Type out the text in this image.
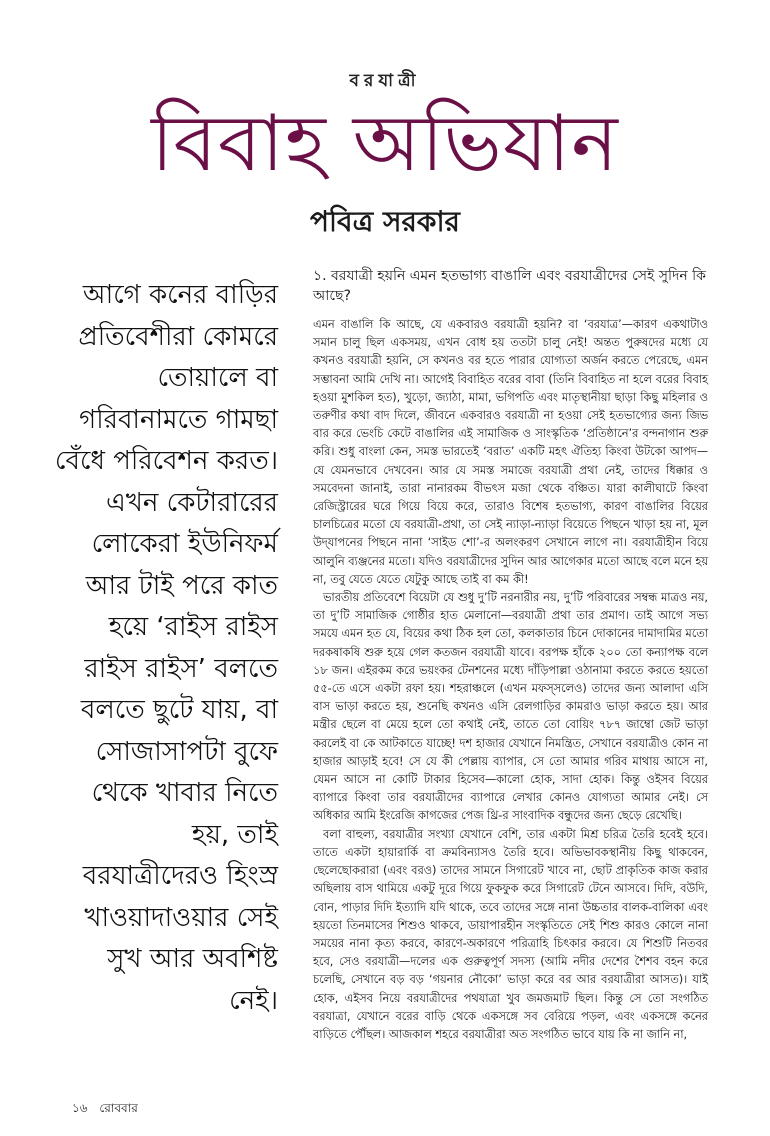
বরযাত্রী
বিবাহ অভিযান
পবিত্র সরকার
আগে কনের বাড়ির প্রতিবেশীরা কোমরে তোয়ালে বা গরিবানামতে গামছা বেঁধে পরিবেশন করত। এখন কেটারারের লোকেরা ইউনিফর্ম আর টাই পরে কাত হয়ে ‘রাইস রাইস রাইস রাইস’ বলতে বলতে ছুটে যায়, বা সোজাসাপটা বুফে থেকে খাবার নিতে হয়, তাই বরযাত্রীদেরও হিংস্র খাওয়াদাওয়ার সেই সুখ আর অবশিষ্ট নেই।
১. বরযাত্রী হয়নি এমন হতভাগ্য বাঙালি এবং বরযাত্রীদের সেই সুদিন কি আছে?

এমন বাঙালি কি আছে, যে একবারও বরযাত্রী হয়নি? বা ‘বরযাত্র’—কারণ একথাটাও সমান চালু ছিল একসময়, এখন বোধ হয় ততটা চালু নেই! অন্তত পুরুষদের মধ্যে যে কখনও বরযাত্রী হয়নি, সে কখনও বর হতে পারার যোগ্যতা অর্জন করতে পেরেছে, এমন সম্ভাবনা আমি দেখি না। আগেই বিবাহিত বরের বাবা (তিনি বিবাহিত না হলে বরের বিবাহ হওয়া মুশকিল হত), খুড়ো, জ্যাঠা, মামা, ভগিপতি এবং মাতৃস্থানীয়া ছাড়া কিছু মহিলার ও তরুণীর কথা বাদ দিলে, জীবনে একবারও বরযাত্রী না হওয়া সেই হতভাগ্যের জন্য জিভ বার করে ভেংচি কেটে বাঙালির এই সামাজিক ও সাংস্কৃতিক ‘প্রতিষ্ঠানে’র বন্দনাগান শুরু করি। শুধু বাংলা কেন, সমস্ত ভারতেই ‘বরাত’ একটি মহৎ ঐতিহ্য কিংবা উটকো আপদ—যে যেমনভাবে দেখবেন। আর যে সমস্ত সমাজে বরযাত্রী প্রথা নেই, তাদের ধিক্কার ও সমবেদনা জানাই, তারা নানারকম বীভৎস মজা থেকে বঞ্চিত। যারা কালীঘাটে কিংবা রেজিস্ট্রারের ঘরে গিয়ে বিয়ে করে, তারাও বিশেষ হতভাগ্য, কারণ বাঙালির বিয়ের চালচিত্রের মতো যে বরযাত্রী-প্রথা, তা সেই ন্যাড়া-ন্যাড়া বিয়েতে পিছনে খাড়া হয় না, মূল উদ্‌যাপনের পিছনে নানা ‘সাইড শো’-র অলংকরণ সেখানে লাগে না। বরযাত্রীহীন বিয়ে আলুনি ব্যঞ্জনের মতো। যদিও বরযাত্রীদের সুদিন আর আগেকার মতো আছে বলে মনে হয় না, তবু যেতে যেতে যেটুকু আছে তাই বা কম কী!

ভারতীয় প্রতিবেশে বিয়েটা যে শুধু দু’টি নরনারীর নয়, দু’টি পরিবারের সম্বন্ধ মাত্রও নয়, তা দু’টি সামাজিক গোষ্ঠীর হাত মেলানো—বরযাত্রী প্রথা তার প্রমাণ। তাই আগে সভ্য সমযে এমন হত যে, বিয়ের কথা ঠিক হল তো, কলকাতার চিনে দোকানের দামাদামির মতো দরকষাকষি শুরু হয়ে গেল কতজন বরযাত্রী যাবে। বরপক্ষ হাঁকে ২০০ তো কন্যাপক্ষ বলে ১৮ জন। এইরকম করে ভয়ংকর টেনশনের মধ্যে দাঁড়িপাল্লা ওঠানামা করতে করতে হয়তো ৫৫-তে এসে একটা রফা হয়। শহরাঞ্চলে (এখন মফস্সলেও) তাদের জন্য আলাদা এসি বাস ভাড়া করতে হয়, শুনেছি কখনও এসি রেলগাড়ির কামরাও ভাড়া করতে হয়। আর মন্ত্রীর ছেলে বা মেয়ে হলে তো কথাই নেই, তাতে তো বোয়িং ৭৮৭ জাম্বো জেট ভাড়া করলেই বা কে আটকাতে যাচ্ছে! দশ হাজার যেখানে নিমন্ত্রিত, সেখানে বরযাত্রীও কোন না হাজার আড়াই হবে! সে যে কী পেল্লায় ব্যাপার, সে তো আমার গরিব মাথায় আসে না, যেমন আসে না কোটি টাকার হিসেব—কালো হোক, সাদা হোক। কিন্তু ওইসব বিয়ের ব্যাপারে কিংবা তার বরযাত্রীদের ব্যাপারে লেখার কোনও যোগ্যতা আমার নেই। সে অধিকার আমি ইংরেজি কাগজের পেজ থ্রি-র সাংবাদিক বন্ধুদের জন্য ছেড়ে রেখেছি।

বলা বাহুল্য, বরযাত্রীর সংখ্যা যেখানে বেশি, তার একটা মিশ্র চরিত্র তৈরি হবেই হবে। তাতে একটা হায়ারার্কি বা ক্রমবিন্যাসও তৈরি হবে। অভিভাবকস্থানীয় কিছু থাকবেন, ছেলেছোকরারা (এবং বরও) তাদের সামনে সিগারেট খাবে না, ছোট প্রাকৃতিক কাজ করার অছিলায় বাস থামিয়ে একটু দূরে গিয়ে ফুকফুক করে সিগারেট টেনে আসবে। দিদি, বউদি, বোন, পাড়ার দিদি ইত্যাদি যদি থাকে, তবে তাদের সঙ্গে নানা উচ্চতার বালক-বালিকা এবং হয়তো তিনমাসের শিশুও থাকবে, ডায়াপারহীন সংস্কৃতিতে সেই শিশু কারও কোলে নানা সময়ের নানা কৃত্য করবে, কারণে-অকারণে পরিত্রাহি চিৎকার করবে। যে শিশুটি নিতবর হবে, সেও বরযাত্রী—দলের এক গুরুত্বপূর্ণ সদস্য (আমি নদীর দেশের শৈশব বহন করে চলেছি, সেখানে বড় বড় ‘গয়নার নৌকো’ ভাড়া করে বর আর বরযাত্রীরা আসত)। যাই হোক, এইসব নিয়ে বরযাত্রীদের পথযাত্রা খুব জমজমাট ছিল। কিন্তু সে তো সংগঠিত বরযাত্রা, যেখানে বরের বাড়ি থেকে একসঙ্গে সব বেরিয়ে পড়ল, এবং একসঙ্গে কনের বাড়িতে পৌঁছল। আজকাল শহরে বরযাত্রীরা অত সংগঠিত ভাবে যায় কি না জানি না,

১৬ রোববার
